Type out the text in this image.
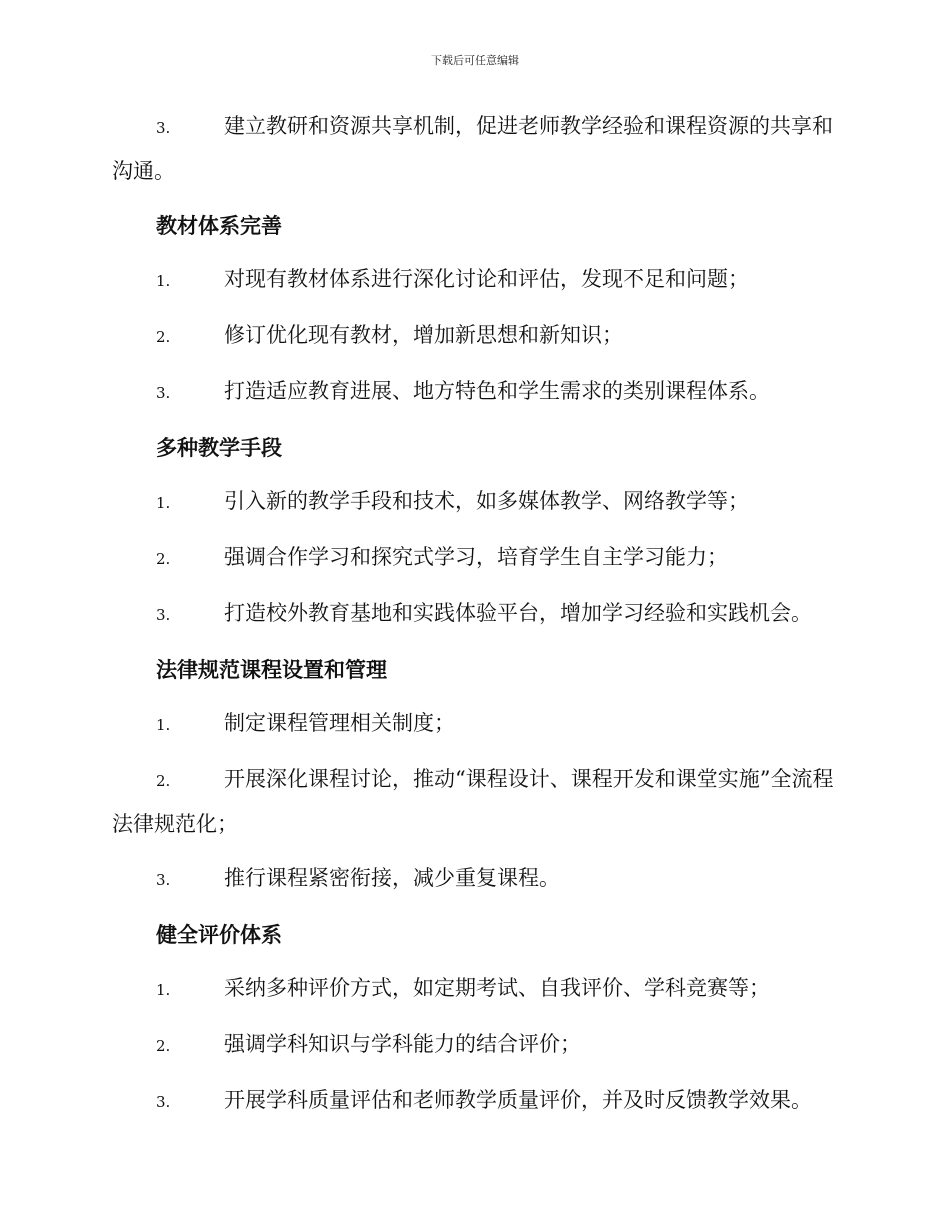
下载后可任意编辑

3.	建立教研和资源共享机制，促进老师教学经验和课程资源的共享和沟通。

教材体系完善

1.	对现有教材体系进行深化讨论和评估，发现不足和问题；

2.	修订优化现有教材，增加新思想和新知识；

3.	打造适应教育进展、地方特色和学生需求的类别课程体系。

多种教学手段

1.	引入新的教学手段和技术，如多媒体教学、网络教学等；

2.	强调合作学习和探究式学习，培育学生自主学习能力；

3.	打造校外教育基地和实践体验平台，增加学习经验和实践机会。

法律规范课程设置和管理

1.	制定课程管理相关制度；

2.	开展深化课程讨论，推动“课程设计、课程开发和课堂实施”全流程法律规范化；

3.	推行课程紧密衔接，减少重复课程。

健全评价体系

1.	采纳多种评价方式，如定期考试、自我评价、学科竞赛等；

2.	强调学科知识与学科能力的结合评价；

3.	开展学科质量评估和老师教学质量评价，并及时反馈教学效果。
